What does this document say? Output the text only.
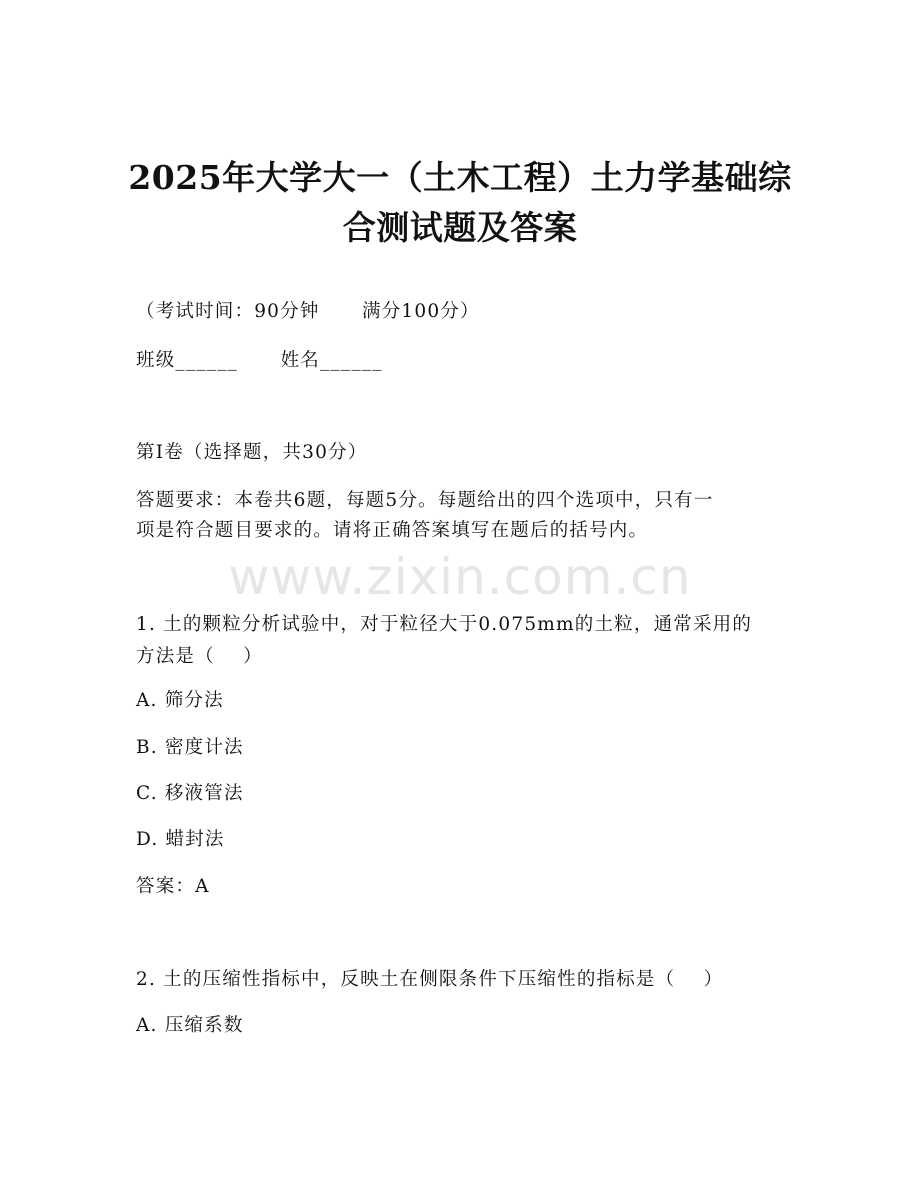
2025年大学大一（土木工程）土力学基础综
合测试题及答案
（考试时间：90分钟      满分100分）
班级______      姓名______
第I卷（选择题，共30分）
答题要求：本卷共6题，每题5分。每题给出的四个选项中，只有一
项是符合题目要求的。请将正确答案填写在题后的括号内。
www.zixin.com.cn
1. 土的颗粒分析试验中，对于粒径大于0.075mm的土粒，通常采用的
方法是（    ）
A. 筛分法
B. 密度计法
C. 移液管法
D. 蜡封法
答案：A
2. 土的压缩性指标中，反映土在侧限条件下压缩性的指标是（    ）
A. 压缩系数
